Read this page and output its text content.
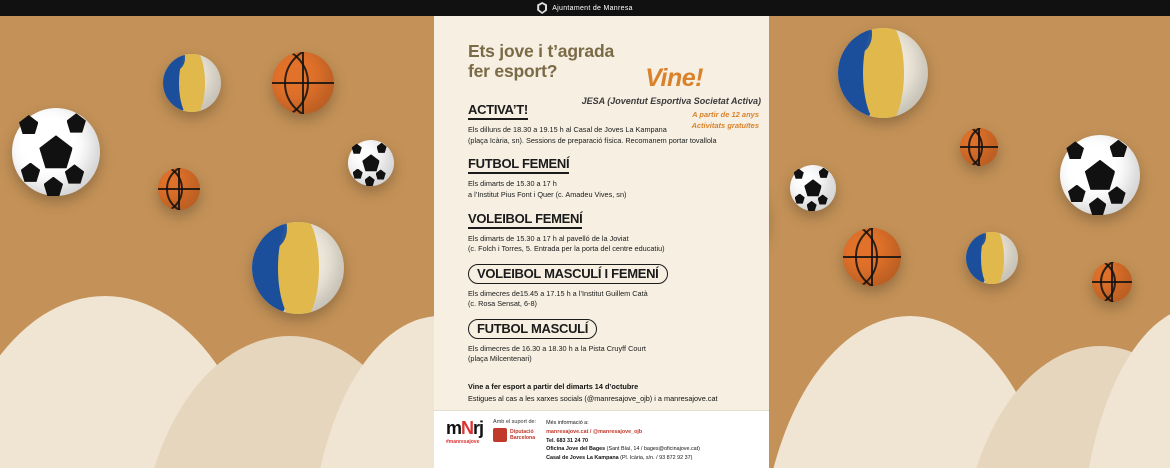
Ajuntament de Manresa
Ets jove i t’agrada
fer esport?	Vine!
JESA (Joventut Esportiva Societat Activa)
A partir de 12 anys
Activitats gratuïtes
ACTIVA’T!
Els dilluns de 18.30 a 19.15 h al Casal de Joves La Kampana
(plaça Icària, sn). Sessions de preparació física. Recomanem portar tovallola
FUTBOL FEMENÍ
Els dimarts de 15.30 a 17 h
a l’Institut Pius Font i Quer (c. Amadeu Vives, sn)
VOLEIBOL FEMENÍ
Els dimarts de 15.30 a 17 h al pavelló de la Joviat
(c. Folch i Torres, 5. Entrada per la porta del centre educatiu)
VOLEIBOL MASCULÍ I FEMENÍ
Els dimecres de15.45 a 17.15 h a l’Institut Guillem Catà
(c. Rosa Sensat, 6-8)
FUTBOL MASCULÍ
Els dimecres de 16.30 a 18.30 h a la Pista Cruyff Court
(plaça Milcentenari)
Vine a fer esport a partir del dimarts 14 d’octubre
Estigues al cas a les xarxes socials (@manresajove_ojb) i a manresajove.cat
mNrj
#manresajove
Amb el suport de:
Diputació
Barcelona
Més informació a:
manresajove.cat / @manresajove_ojb
Tel. 683 31 24 70
Oficina Jove del Bages (Sant Blaí, 14 / bages@oficinajove.cat)
Casal de Joves La Kampana (Pl. Icària, s/n. / 93 872 92 37)
